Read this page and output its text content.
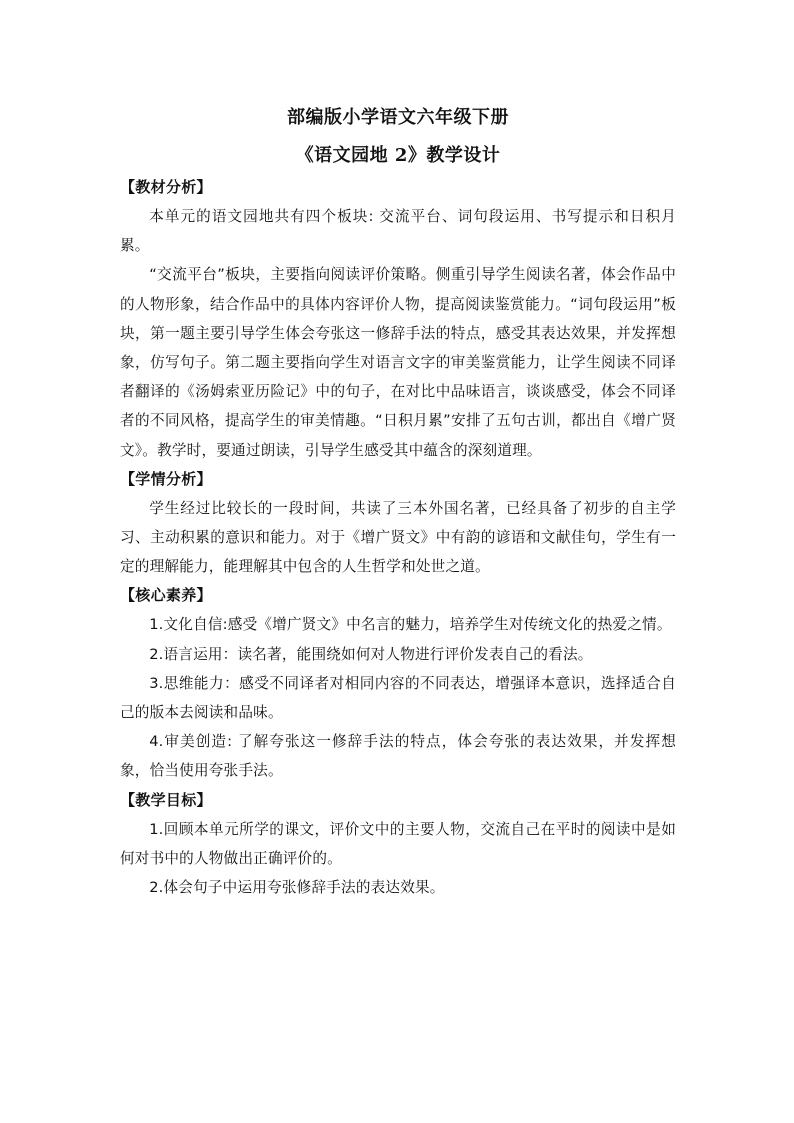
部编版小学语文六年级下册
《语文园地 2》教学设计
【教材分析】

本单元的语文园地共有四个板块: 交流平台、词句段运用、书写提示和日积月累。

“交流平台”板块，主要指向阅读评价策略。侧重引导学生阅读名著，体会作品中的人物形象，结合作品中的具体内容评价人物，提高阅读鉴赏能力。“词句段运用”板块，第一题主要引导学生体会夸张这一修辞手法的特点，感受其表达效果，并发挥想象，仿写句子。第二题主要指向学生对语言文字的审美鉴赏能力，让学生阅读不同译者翻译的《汤姆索亚历险记》中的句子，在对比中品味语言，谈谈感受，体会不同译者的不同风格，提高学生的审美情趣。“日积月累”安排了五句古训，都出自《增广贤文》。教学时，要通过朗读，引导学生感受其中蕴含的深刻道理。

【学情分析】

学生经过比较长的一段时间，共读了三本外国名著，已经具备了初步的自主学习、主动积累的意识和能力。对于《增广贤文》中有韵的谚语和文献佳句，学生有一定的理解能力，能理解其中包含的人生哲学和处世之道。

【核心素养】

1.文化自信:感受《增广贤文》中名言的魅力，培养学生对传统文化的热爱之情。

2.语言运用：读名著，能围绕如何对人物进行评价发表自己的看法。

3.思维能力：感受不同译者对相同内容的不同表达，增强译本意识，选择适合自己的版本去阅读和品味。

4.审美创造: 了解夸张这一修辞手法的特点，体会夸张的表达效果，并发挥想象，恰当使用夸张手法。

【教学目标】

1.回顾本单元所学的课文，评价文中的主要人物，交流自己在平时的阅读中是如何对书中的人物做出正确评价的。

2.体会句子中运用夸张修辞手法的表达效果。
